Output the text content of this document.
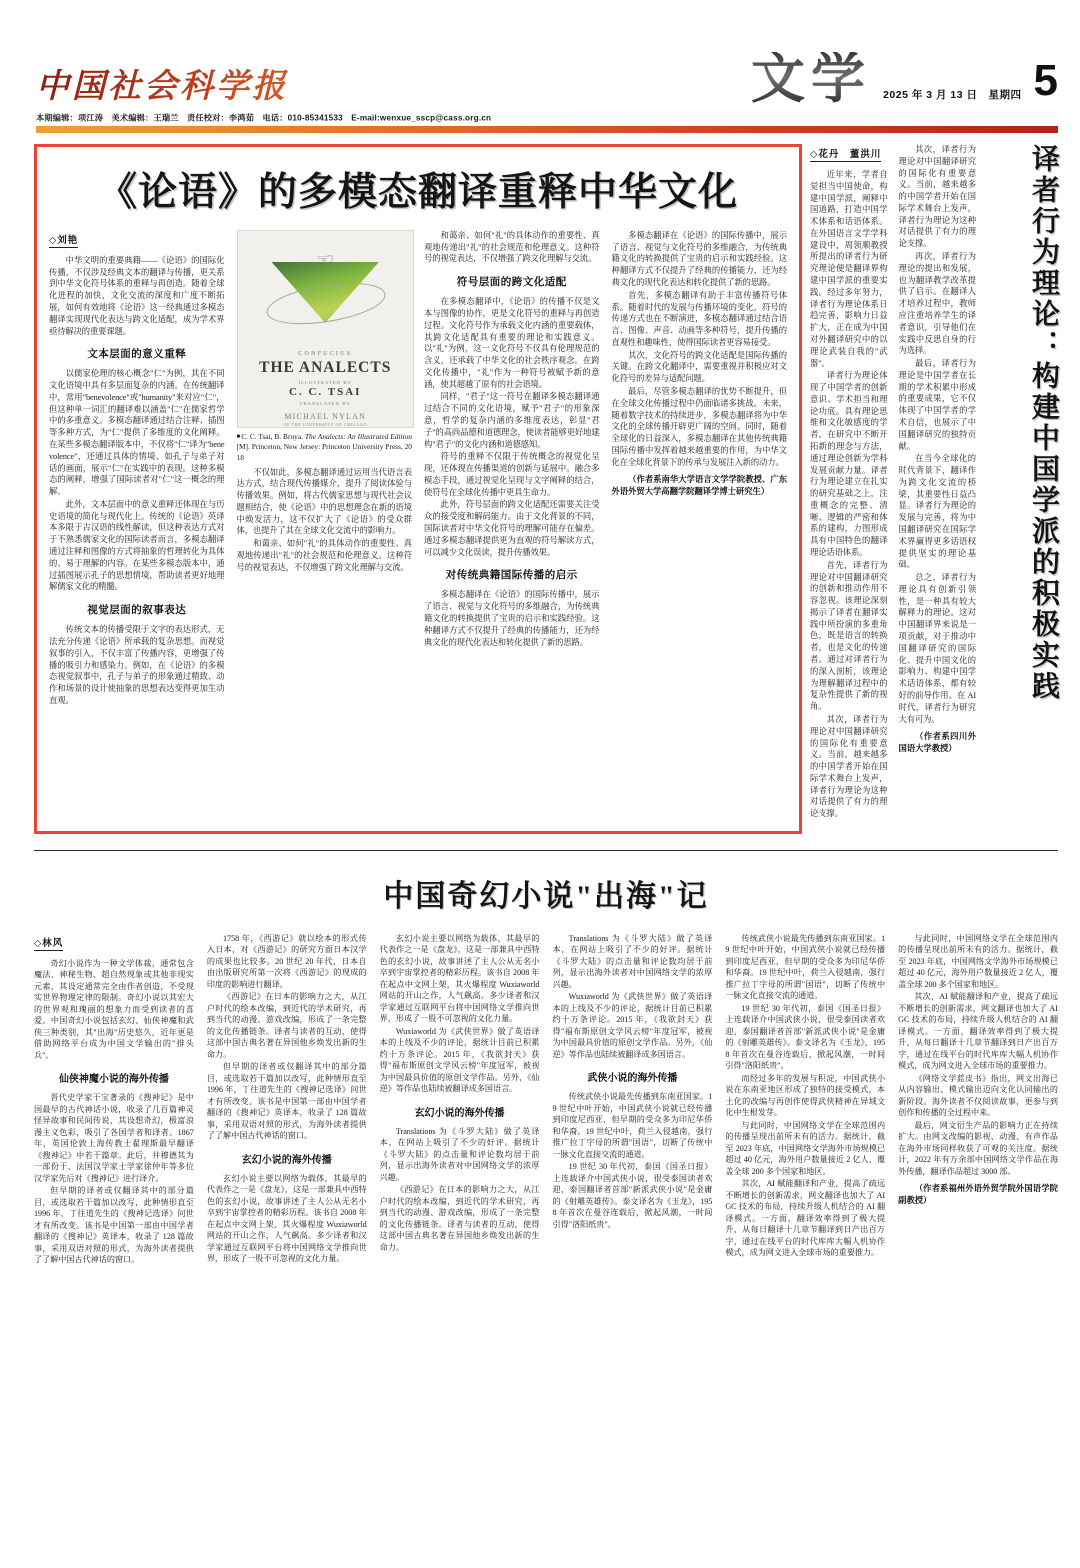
中国社会科学报
本期编辑：项江涛　美术编辑：王瑞兰　责任校对：李鸿茹　电话：010-85341533　E-mail:wenxue_sscp@cass.org.cn
文学 2025 年 3 月 13 日　星期四 5
《论语》的多模态翻译重释中华文化
◇刘艳

中华文明的重要典籍——《论语》的国际化传播，不仅涉及经典文本的翻译与传播，更关系到中华文化符号体系的重释与再创造。随着全球化进程的加快，文化交流的深度和广度不断拓展，如何有效地将《论语》这一经典通过多模态翻译实现现代化表达与跨文化适配，成为学术界亟待解决的重要课题。

文本层面的意义重释

以儒家伦理的核心概念"仁"为例，其在不同文化语境中具有多层面复杂的内涵。在传统翻译中，常用"benevolence"或"humanity"来对应"仁"，但这种单一词汇的翻译难以涵盖"仁"在儒家哲学中的多重意义。多模态翻译通过结合注释、插图等多种方式，为"仁"提供了多维度的文化阐释。在某些多模态翻译版本中，不仅将"仁"译为"benevolence"，还通过具体的情境、如孔子与弟子对话的画面，展示"仁"在实践中的表现。这种多模态的阐释，增强了国际读者对"仁"这一概念的理解。

此外，文本层面中的意义重释还体现在与历史语境的简化与现代化上。传统的《论语》英译本多限于古汉语的线性解读，但这种表达方式对于不熟悉儒家文化的国际读者而言，多模态翻译通过注释和图像的方式将抽象的哲理转化为具体的、易于理解的内容。在某些多模态版本中，通过插图展示孔子的思想情境，帮助读者更好地理解儒家文化的精髓。

视觉层面的叙事表达

传统文本的传播受限于文字的表达形式，无法充分传递《论语》所承载的复杂思想。而视觉叙事的引入，不仅丰富了传播内容，更增强了传播的吸引力和感染力。例如，在《论语》的多模态视觉叙事中，孔子与弟子的形象通过精致、动作和场景的设计使抽象的思想表达变得更加生动直观。

☜
CONFUCIUS
THE ANALECTS
ILLUSTRATED BY
C. C. TSAI
TRANSLATED BY
MICHAEL NYLAN
OF THE UNIVERSITY OF CHICAGO
■C. C. Tsai, B. Bruya. The Analects: An Illustrated Edition [M]. Princeton, New Jersey: Princeton University Press, 2018

不仅如此，多模态翻译通过运用当代语言表达方式，结合现代传播媒介，提升了阅读体验与传播效果。例如，将古代儒家思想与现代社会议题相结合，使《论语》中的思想理念在新的语境中焕发活力，这不仅扩大了《论语》的受众群体，也提升了其在全球文化交流中的影响力。

和蔼亲、如何"礼"的具体动作的重要性、真观地传递出"礼"的社会规范和伦理意义。这种符号的视觉表达，不仅增强了跨文化理解与交流。

和蔼亲、如何"礼"的具体动作的重要性、真观地传递出"礼"的社会规范和伦理意义。这种符号的视觉表达，不仅增强了跨文化理解与交流。

符号层面的跨文化适配

在多模态翻译中，《论语》的传播不仅是文本与图像的协作，更是文化符号的重释与再创造过程。文化符号作为承载文化内涵的重要载体，其跨文化适配具有重要的理论和实践意义。以"礼"为例，这一文化符号不仅具有伦理规范的含义，还承载了中华文化的社会秩序观念。在跨文化传播中，"礼"作为一种符号被赋予新的意涵，使其超越了原有的社会语境。

同样，"君子"这一符号在翻译多模态翻译通过结合不同的文化语境，赋予"君子"的形象深意，哲学的复杂内涵的多维度表达，彰显"君子"的高尚品德和道德理念，使读者能够更好地建构"君子"的文化内涵和道德感知。

符号的重释不仅限于传统概念的视觉化呈现，还体现在传播渠道的创新与延展中。融合多模态手段，通过视觉化呈现与文字阐释的结合，使符号在全球化传播中更具生命力。

此外，符号层面的跨文化适配还需要关注受众的接受度和解码能力。由于文化背景的不同，国际读者对中华文化符号的理解可能存在偏差。通过多模态翻译提供更为直观的符号解读方式，可以减少文化误读，提升传播效果。

对传统典籍国际传播的启示

多模态翻译在《论语》的国际传播中，展示了语言、视觉与文化符号的多维融合，为传统典籍文化的转换提供了宝贵的启示和实践经验。这种翻译方式不仅提升了经典的传播能力，还为经典文化的现代化表达和转化提供了新的思路。

多模态翻译在《论语》的国际传播中，展示了语言、视觉与文化符号的多维融合，为传统典籍文化的转换提供了宝贵的启示和实践经验。这种翻译方式不仅提升了经典的传播能力，还为经典文化的现代化表达和转化提供了新的思路。

首先，多模态翻译有助于丰富传播符号体系。随着时代的发展与传播环境的变化，符号的传递方式也在不断演进，多模态翻译通过结合语言、图像、声音、动画等多种符号，提升传播的直观性和趣味性，使得国际读者更容易接受。

其次，文化符号的跨文化适配是国际传播的关键。在跨文化翻译中，需要重视并积极应对文化符号的差异与适配问题。

最后，尽管多模态翻译的优势不断提升，但在全球文化传播过程中仍面临诸多挑战。未来，随着数字技术的持续进步，多模态翻译将为中华文化的全球传播开辟更广阔的空间。同时，随着全球化的日益深入，多模态翻译在其他传统典籍国际传播中发挥着越来越重要的作用，为中华文化在全球化背景下的传承与发展注入新的动力。

（作者系南华大学语言文学学院教授、广东外语外贸大学高翻学院翻译学博士研究生）
◇花丹　董洪川

近年来，学者自觉担当中国使命，构建中国学派，阐释中国道路，打造中国学术体系和话语体系。在外国语言文学学科建设中，周领顺教授所提出的译者行为研究理论便是翻译界构建中国学派的重要实践。经过多年努力，译者行为理论体系日趋完善，影响力日益扩大，正在成为中国对外翻译研究中的以理论武装自我的"武器"。

译者行为理论体现了中国学者的创新意识、学术担当和理论功底。具有理论思维和文化敏感度的学者，在研究中不断开拓新的理念与方法，通过理论创新为学科发展贡献力量。译者行为理论建立在扎实的研究基础之上，注重概念的完整、清晰、逻辑的严密和体系的建构，力图形成具有中国特色的翻译理论话语体系。

首先，译者行为理论对中国翻译研究的创新和推动作用不容忽视。该理论深刻揭示了译者在翻译实践中所扮演的多重角色，既是语言的转换者，也是文化的传递者。通过对译者行为的深入剖析，该理论为理解翻译过程中的复杂性提供了新的视角。

其次，译者行为理论对中国翻译研究的国际化有重要意义。当前，越来越多的中国学者开始在国际学术舞台上发声，译者行为理论为这种对话提供了有力的理论支撑。

其次，译者行为理论对中国翻译研究的国际化有重要意义。当前，越来越多的中国学者开始在国际学术舞台上发声，译者行为理论为这种对话提供了有力的理论支撑。

再次，译者行为理论的提出和发展，也为翻译教学改革提供了启示。在翻译人才培养过程中，教师应注重培养学生的译者意识，引导他们在实践中反思自身的行为选择。

最后，译者行为理论是中国学者在长期的学术积累中形成的重要成果，它不仅体现了中国学者的学术自信，也展示了中国翻译研究的独特贡献。

在当今全球化的时代背景下，翻译作为跨文化交流的桥梁，其重要性日益凸显。译者行为理论的发展与完善，将为中国翻译研究在国际学术界赢得更多话语权提供坚实的理论基础。

总之，译者行为理论具有创新引领性，是一种具有较大解释力的理论。这对中国翻译界来说是一项贡献，对于推动中国翻译研究的国际化、提升中国文化的影响力、构建中国学术话语体系，都有较好的前导作用。在 AI 时代，译者行为研究大有可为。

（作者系四川外国语大学教授）
译者行为理论：构建中国学派的积极实践
中国奇幻小说"出海"记
◇林风

奇幻小说作为一种文学体裁，通常包含魔法、神秘生物、超自然现象或其他非现实元素，其设定通常完全由作者创造，不受现实世界物理定律的限制。奇幻小说以其宏大的世界观和瑰丽的想象力而受到读者的喜爱。中国奇幻小说包括玄幻、仙侠神魔和武侠三种类别，其"出海"历史悠久，近年更是借助网络平台成为中国文学输出的"排头兵"。

仙侠神魔小说的海外传播

晋代史学家干宝著录的《搜神记》是中国最早的古代神话小说，收录了几百篇神灵怪异故事和民间传说，其设想奇幻，极富浪漫主义色彩，吸引了各国学者和译者。1867 年，英国伦敦上海传教士翟理斯最早翻译《搜神记》中若干篇章。此后，井穆德其为一部份于、法国汉学家士学家徐仲年等多位汉学家先后对《搜神记》进行译介。

但早期的译者或仅翻译其中的部分篇目，或选取若干篇加以改写，此种情形直至 1996 年，丁往道先生的《搜神记选译》问世才有所改变。该书是中国第一部由中国学者翻译的《搜神记》英译本，收录了 128 篇故事，采用双语对照的形式，为海外读者提供了了解中国古代神话的窗口。

1758 年，《西游记》就以绘本的形式传入日本，对《西游记》的研究方面日本汉学的成果也比较多。20 世纪 20 年代，日本自由出版研究所第一次将《西游记》的现成的印度的影响进行翻译。

《西游记》在日本的影响力之大，从江户时代的绘本改编，到近代的学术研究，再到当代的动漫、游戏改编，形成了一条完整的文化传播链条。译者与读者的互动，使得这部中国古典名著在异国他乡焕发出新的生命力。

但早期的译者或仅翻译其中的部分篇目，或选取若干篇加以改写，此种情形直至 1996 年，丁往道先生的《搜神记选译》问世才有所改变。该书是中国第一部由中国学者翻译的《搜神记》英译本，收录了 128 篇故事，采用双语对照的形式，为海外读者提供了了解中国古代神话的窗口。

玄幻小说的海外传播

玄幻小说主要以网络为载体，其最早的代表作之一是《盘龙》，这是一部兼具中西特色的玄幻小说，故事讲述了主人公从无名小卒到宇宙掌控者的精彩历程。该书自 2008 年在起点中文网上架，其火爆程度 Wuxiaworld 网站的开山之作，人气飙高。多少译者和汉学家通过互联网平台将中国网络文学推向世界，形成了一股不可忽视的文化力量。

玄幻小说主要以网络为载体，其最早的代表作之一是《盘龙》，这是一部兼具中西特色的玄幻小说，故事讲述了主人公从无名小卒到宇宙掌控者的精彩历程。该书自 2008 年在起点中文网上架，其火爆程度 Wuxiaworld 网站的开山之作，人气飙高。多少译者和汉学家通过互联网平台将中国网络文学推向世界，形成了一股不可忽视的文化力量。

Wuxiaworld 为《武侠世界》做了英语译本的上线及不少的评论，据统计目前已积累约十万条评论。2015 年，《我欲封天》获得"福布斯原创文学风云榜"年度冠军，被视为中国最具价值的原创文学作品。另外，《仙逆》等作品也陆续被翻译成多国语言。

玄幻小说的海外传播

Translations 为《斗罗大陆》做了英译本，在网站上吸引了不少的好评。据统计《斗罗大陆》的点击量和评论数均居于前列，显示出海外读者对中国网络文学的浓厚兴趣。

《西游记》在日本的影响力之大，从江户时代的绘本改编，到近代的学术研究，再到当代的动漫、游戏改编，形成了一条完整的文化传播链条。译者与读者的互动，使得这部中国古典名著在异国他乡焕发出新的生命力。

Translations 为《斗罗大陆》做了英译本，在网站上吸引了不少的好评。据统计《斗罗大陆》的点击量和评论数均居于前列，显示出海外读者对中国网络文学的浓厚兴趣。

Wuxiaworld 为《武侠世界》做了英语译本的上线及不少的评论，据统计目前已积累约十万条评论。2015 年，《我欲封天》获得"福布斯原创文学风云榜"年度冠军，被视为中国最具价值的原创文学作品。另外，《仙逆》等作品也陆续被翻译成多国语言。

武侠小说的海外传播

传统武侠小说最先传播到东南亚国家。19 世纪中叶开始，中国武侠小说就已经传播到印度尼西亚，但早期的受众多为印尼华侨和华裔。19 世纪中叶，荷兰入侵越南，强行推广拉丁字母的所谓"国语"，切断了传统中一脉文化直接交流的通道。

19 世纪 30 年代初，泰国《国圣日报》上连载译介中国武侠小说，很受泰国读者欢迎，泰国翻译者首部"新派武侠小说"是金庸的《射雕英雄传》。泰文译名为《玉龙》，1958 年首次在曼谷连载后，掀起风潮，一时间引得"洛阳纸贵"。

传统武侠小说最先传播到东南亚国家。19 世纪中叶开始，中国武侠小说就已经传播到印度尼西亚，但早期的受众多为印尼华侨和华裔。19 世纪中叶，荷兰入侵越南，强行推广拉丁字母的所谓"国语"，切断了传统中一脉文化直接交流的通道。

19 世纪 30 年代初，泰国《国圣日报》上连载译介中国武侠小说，很受泰国读者欢迎，泰国翻译者首部"新派武侠小说"是金庸的《射雕英雄传》。泰文译名为《玉龙》，1958 年首次在曼谷连载后，掀起风潮，一时间引得"洛阳纸贵"。

而经过多年的发展与积淀，中国武侠小说在东南亚地区形成了独特的接受模式，本土化的改编与再创作使得武侠精神在异域文化中生根发芽。

与此同时，中国网络文学在全球范围内的传播呈现出前所未有的活力。据统计，截至 2023 年底，中国网络文学海外市场规模已超过 40 亿元，海外用户数量接近 2 亿人，覆盖全球 200 多个国家和地区。

其次，AI 赋能翻译和产业，提高了疏远不断增长的创新需求，网文翻译也加大了 AIGC 技术的布局，持续升级人机结合的 AI 翻译模式。一方面，翻译效率得到了极大提升，从每日翻译十几章节翻译到日产出百万字，通过在线平台的时代库库大幅人机协作模式，成为网文进入全球市场的重要推力。

与此同时，中国网络文学在全球范围内的传播呈现出前所未有的活力。据统计，截至 2023 年底，中国网络文学海外市场规模已超过 40 亿元，海外用户数量接近 2 亿人，覆盖全球 200 多个国家和地区。

其次，AI 赋能翻译和产业，提高了疏远不断增长的创新需求，网文翻译也加大了 AIGC 技术的布局，持续升级人机结合的 AI 翻译模式。一方面，翻译效率得到了极大提升，从每日翻译十几章节翻译到日产出百万字，通过在线平台的时代库库大幅人机协作模式，成为网文进入全球市场的重要推力。

《网络文学蓝皮书》指出，网文出海已从内容输出、模式输出迈向文化认同输出的新阶段。海外读者不仅阅读故事，更参与到创作和传播的全过程中来。

最后，网文衍生产品的影响力正在持续扩大。由网文改编的影视、动漫、有声作品在海外市场同样收获了可观的关注度。据统计，2022 年有万余部中国网络文学作品在海外传播，翻译作品超过 3000 部。

（作者系福州外语外贸学院外国语学院副教授）
